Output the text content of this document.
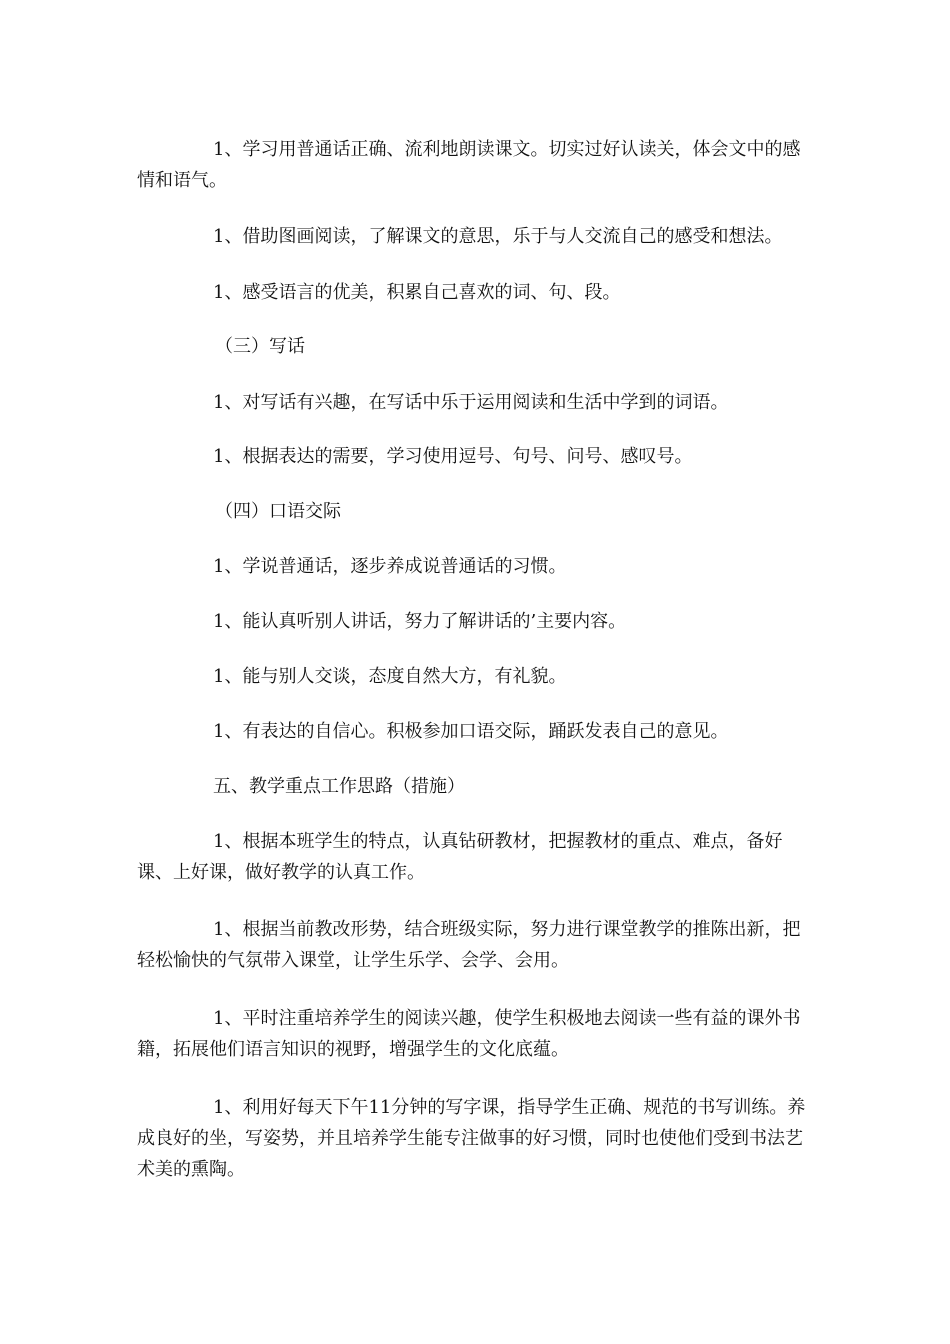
1、学习用普通话正确、流利地朗读课文。切实过好认读关，体会文中的感情和语气。

1、借助图画阅读，了解课文的意思，乐于与人交流自己的感受和想法。

1、感受语言的优美，积累自己喜欢的词、句、段。

（三）写话

1、对写话有兴趣，在写话中乐于运用阅读和生活中学到的词语。

1、根据表达的需要，学习使用逗号、句号、问号、感叹号。

（四）口语交际

1、学说普通话，逐步养成说普通话的习惯。

1、能认真听别人讲话，努力了解讲话的’主要内容。

1、能与别人交谈，态度自然大方，有礼貌。

1、有表达的自信心。积极参加口语交际，踊跃发表自己的意见。

五、教学重点工作思路（措施）

1、根据本班学生的特点，认真钻研教材，把握教材的重点、难点，备好课、上好课，做好教学的认真工作。

1、根据当前教改形势，结合班级实际，努力进行课堂教学的推陈出新，把轻松愉快的气氛带入课堂，让学生乐学、会学、会用。

1、平时注重培养学生的阅读兴趣，使学生积极地去阅读一些有益的课外书籍，拓展他们语言知识的视野，增强学生的文化底蕴。

1、利用好每天下午11分钟的写字课，指导学生正确、规范的书写训练。养成良好的坐，写姿势，并且培养学生能专注做事的好习惯，同时也使他们受到书法艺术美的熏陶。
